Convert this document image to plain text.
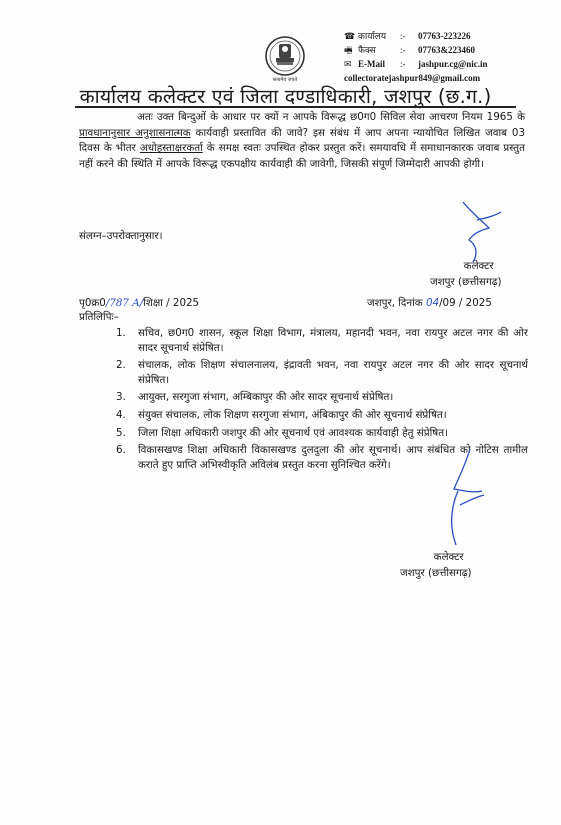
सत्यमेव जयते
☎ कार्यालय	:-	07763-223226
🖷 फैक्स	:-	07763&223460
✉ E-Mail	:-	jashpur.cg@nic.in
collectoratejashpur849@gmail.com
कार्यालय कलेक्टर एवं जिला दण्डाधिकारी, जशपुर (छ.ग.)
अतः उक्त बिन्दुओं के आधार पर क्यों न आपके विरूद्ध छ0ग0 सिविल सेवा आचरण नियम 1965 के प्रावधानानुसार अनुशासनात्मक कार्यवाही प्रस्तावित की जावे? इस संबंध में आप अपना न्यायोचित लिखित जवाब 03 दिवस के भीतर अधोहस्ताक्षरकर्ता के समक्ष स्वतः उपस्थित होकर प्रस्तुत करें। समयावधि में समाधानकारक जवाब प्रस्तुत नहीं करने की स्थिति में आपके विरूद्ध एकपक्षीय कार्यवाही की जावेगी, जिसकी संपूर्ण जिम्मेदारी आपकी होगी।
संलग्न–उपरोक्तानुसार।
कलेक्टर
जशपुर (छत्तीसगढ़)
पृ0क्र0/787 A/शिक्षा / 2025	जशपुर, दिनांक 04/09 / 2025
प्रतिलिपिः–
1. सचिव, छ0ग0 शासन, स्कूल शिक्षा विभाग, मंत्रालय, महानदी भवन, नवा रायपुर अटल नगर की ओर सादर सूचनार्थ संप्रेषित।
2. संचालक, लोक शिक्षण संचालनालय, इंद्रावती भवन, नवा रायपुर अटल नगर की ओर सादर सूचनार्थ संप्रेषित।
3. आयुक्त, सरगुजा संभाग, अम्बिकापुर की ओर सादर सूचनार्थ संप्रेषित।
4. संयुक्त संचालक, लोक शिक्षण सरगुजा संभाग, अंबिकापुर की ओर सूचनार्थ संप्रेषित।
5. जिला शिक्षा अधिकारी जशपुर की ओर सूचनार्थ एवं आवश्यक कार्यवाही हेतु संप्रेषित।
6. विकासखण्ड शिक्षा अधिकारी विकासखण्ड दुलदुला की ओर सूचनार्थ। आप संबंधित को नोटिस तामील कराते हुए प्राप्ति अभिस्वीकृति अविलंब प्रस्तुत करना सुनिश्चित करेंगे।
कलेक्टर
जशपुर (छत्तीसगढ़)
